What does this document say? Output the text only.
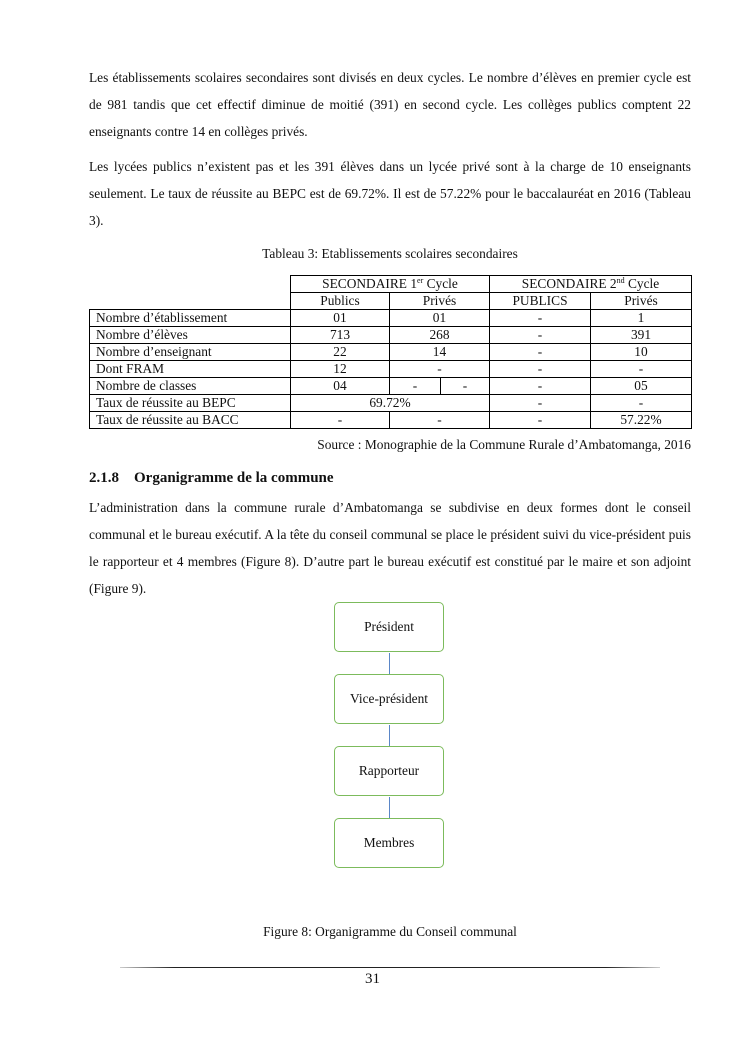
Les établissements scolaires secondaires sont divisés en deux cycles. Le nombre d’élèves en premier cycle est de 981 tandis que cet effectif diminue de moitié (391) en second cycle. Les collèges publics comptent 22 enseignants contre 14 en collèges privés.

Les lycées publics n’existent pas et les 391 élèves dans un lycée privé sont à la charge de 10 enseignants seulement. Le taux de réussite au BEPC est de 69.72%. Il est de 57.22% pour le baccalauréat en 2016 (Tableau 3).

Tableau 3: Etablissements scolaires secondaires

	SECONDAIRE 1er Cycle			SECONDAIRE 2nd Cycle	
	Publics	Privés		PUBLICS	Privés
Nombre d’établissement	01	01		-	1
Nombre d’élèves	713	268		-	391
Nombre d’enseignant	22	14		-	10
Dont FRAM	12	-		-	-
Nombre de classes	04	-	-	-	05
Taux de réussite au BEPC	69.72%			-	-
Taux de réussite au BACC	-	-		-	57.22%

Source : Monographie de la Commune Rurale d’Ambatomanga, 2016

2.1.8 Organigramme de la commune

L’administration dans la commune rurale d’Ambatomanga se subdivise en deux formes dont le conseil communal et le bureau exécutif. A la tête du conseil communal se place le président suivi du vice-président puis le rapporteur et 4 membres (Figure 8). D’autre part le bureau exécutif est constitué par le maire et son adjoint (Figure 9).

Président
Vice-président
Rapporteur
Membres

Figure 8: Organigramme du Conseil communal

31
